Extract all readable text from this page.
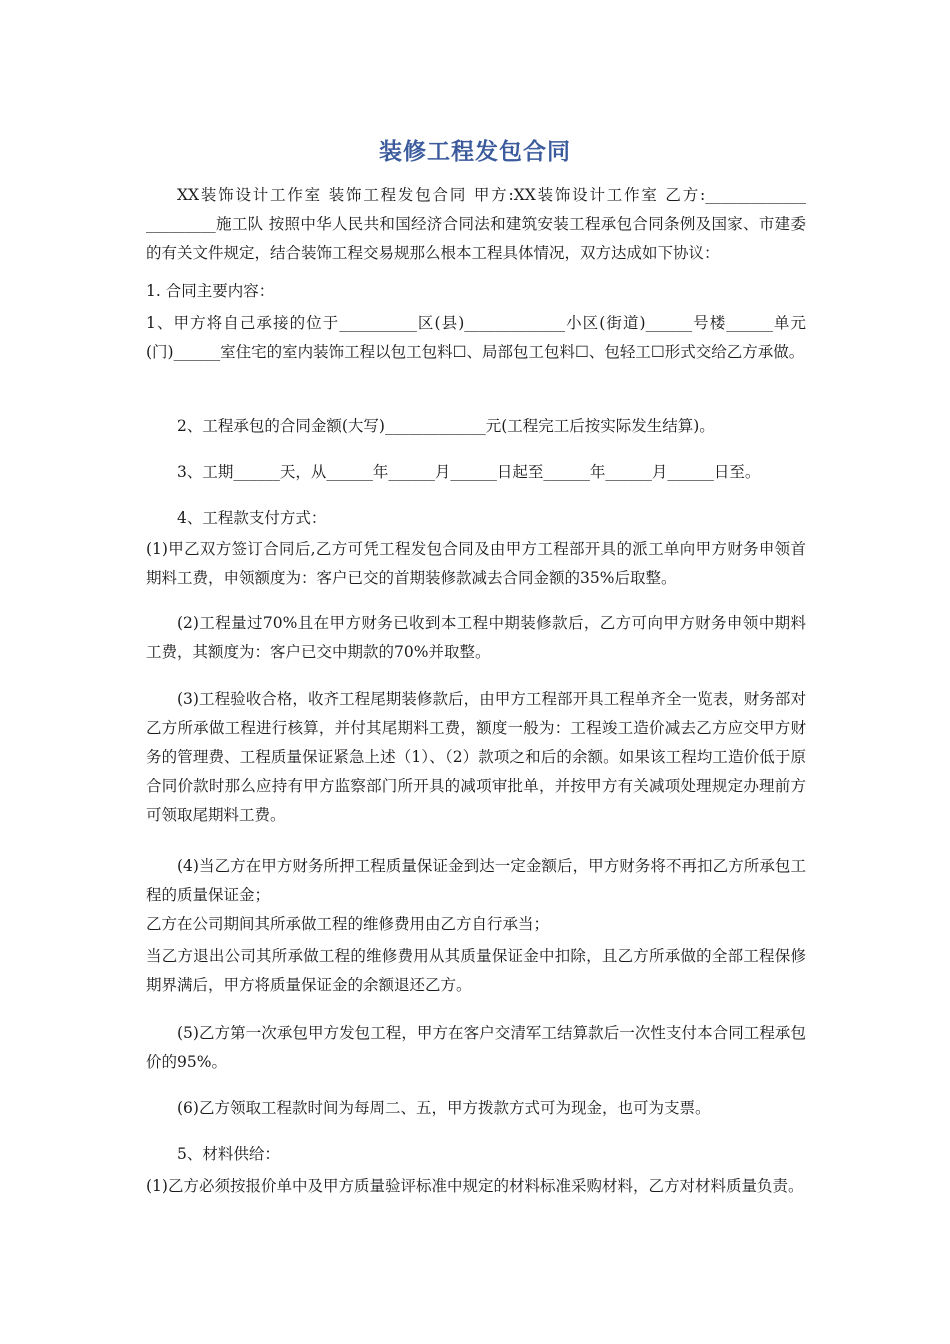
装修工程发包合同

XX装饰设计工作室 装饰工程发包合同 甲方:XX装饰设计工作室 乙方:_____________ _________施工队 按照中华人民共和国经济合同法和建筑安装工程承包合同条例及国家、市建委的有关文件规定，结合装饰工程交易规那么根本工程具体情况，双方达成如下协议：

1. 合同主要内容：

1、甲方将自己承接的位于__________区(县)_____________小区(街道)______号楼______单元(门)______室住宅的室内装饰工程以包工包料☐、局部包工包料☐、包轻工☐形式交给乙方承做。

2、工程承包的合同金额(大写)_____________元(工程完工后按实际发生结算)。

3、工期______天，从______年______月______日起至______年______月______日至。

4、工程款支付方式：

(1)甲乙双方签订合同后,乙方可凭工程发包合同及由甲方工程部开具的派工单向甲方财务申领首期料工费，申领额度为：客户已交的首期装修款减去合同金额的35%后取整。

(2)工程量过70%且在甲方财务已收到本工程中期装修款后，乙方可向甲方财务申领中期料工费，其额度为：客户已交中期款的70%并取整。

(3)工程验收合格，收齐工程尾期装修款后，由甲方工程部开具工程单齐全一览表，财务部对乙方所承做工程进行核算，并付其尾期料工费，额度一般为：工程竣工造价减去乙方应交甲方财务的管理费、工程质量保证紧急上述（1）、（2）款项之和后的余额。如果该工程均工造价低于原合同价款时那么应持有甲方监察部门所开具的减项审批单，并按甲方有关减项处理规定办理前方可领取尾期料工费。

(4)当乙方在甲方财务所押工程质量保证金到达一定金额后，甲方财务将不再扣乙方所承包工程的质量保证金；

乙方在公司期间其所承做工程的维修费用由乙方自行承当；

当乙方退出公司其所承做工程的维修费用从其质量保证金中扣除，且乙方所承做的全部工程保修期界满后，甲方将质量保证金的余额退还乙方。

(5)乙方第一次承包甲方发包工程，甲方在客户交清军工结算款后一次性支付本合同工程承包价的95%。

(6)乙方领取工程款时间为每周二、五，甲方拨款方式可为现金，也可为支票。

5、材料供给：

(1)乙方必须按报价单中及甲方质量验评标准中规定的材料标准采购材料，乙方对材料质量负责。
